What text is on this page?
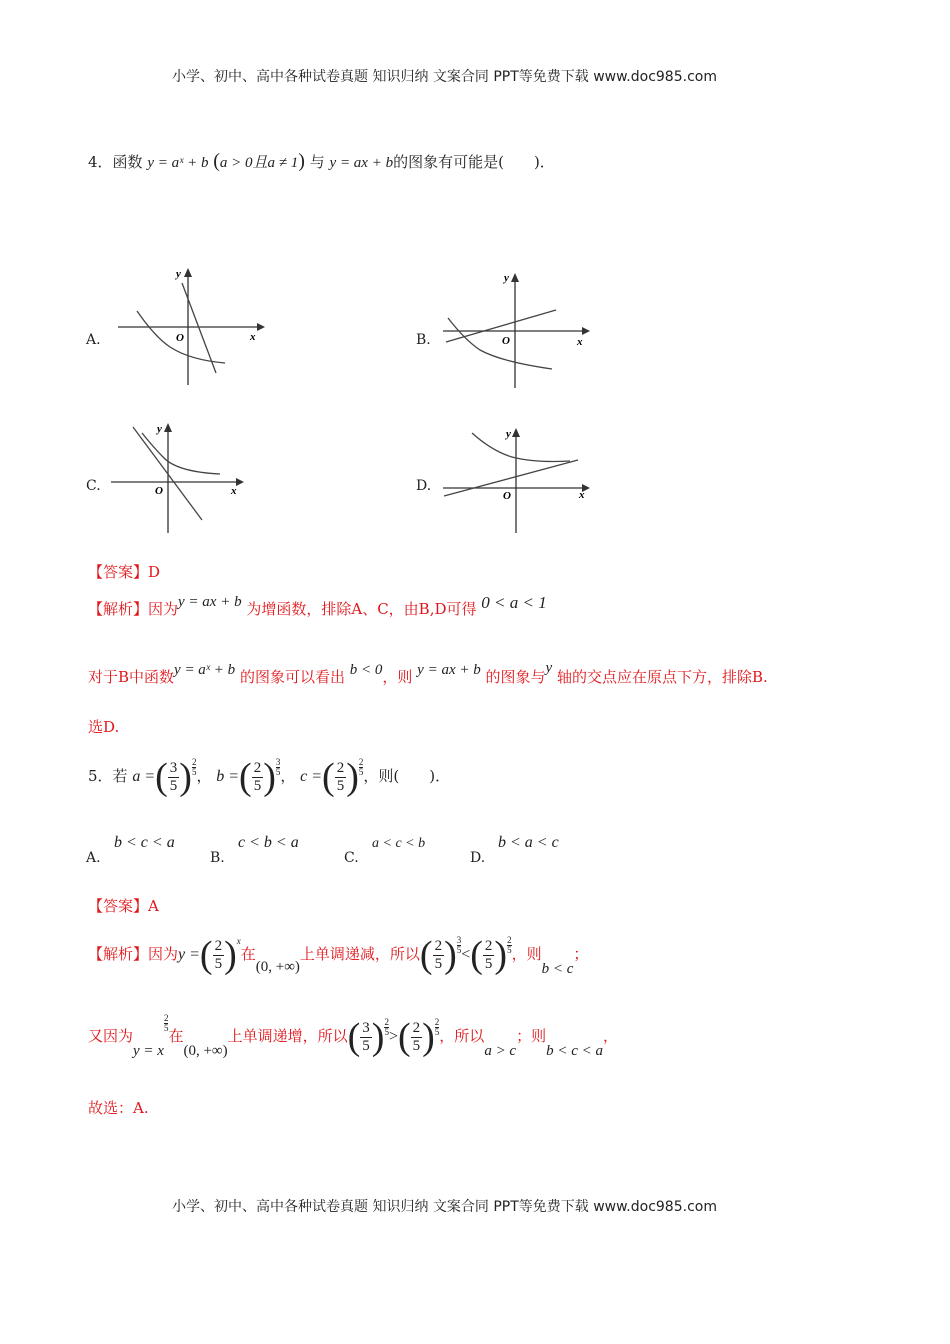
小学、初中、高中各种试卷真题 知识归纳 文案合同 PPT等免费下载 www.doc985.com
小学、初中、高中各种试卷真题 知识归纳 文案合同 PPT等免费下载 www.doc985.com
4．函数 y = aˣ + b (a > 0且a ≠ 1) 与 y = ax + b的图象有可能是(　　)．
A.	B.
C.	D.
x
y
O	x
y
O
x
y
O	x
y
O
【答案】D
【解析】因为y = ax + b 为增函数，排除A、C，由B,D可得 0 < a < 1
对于B中函数y = aˣ + b 的图象可以看出 b < 0，则 y = ax + b 的图象与y 轴的交点应在原点下方，排除B.
选D.
5．若 a =( $\frac{3}{5}$ ) $\frac{2}{5}$ ， b =( $\frac{2}{5}$ ) $\frac{3}{5}$ ， c =( $\frac{2}{5}$ ) $\frac{2}{5}$ ，则(　　)．
A.
b < c < a
B.
c < b < a
C.
a < c < b
D.
b < a < c
【答案】A
【解析】因为y =( $\frac{2}{5} )^x$在(0, +∞)上单调递减，所以( $\frac{2}{5}$ ) $\frac{3}{5}$ <( $\frac{2}{5}$ ) $\frac{2}{5}$ ，则b < c；
又因为y = x
$\frac{2}{5}$
在(0, +∞)上单调递增，所以( $\frac{3}{5}$ ) $\frac{2}{5}$ >( $\frac{2}{5}$ ) $\frac{2}{5}$ ，所以a > c；则b < c < a，
故选：A.
